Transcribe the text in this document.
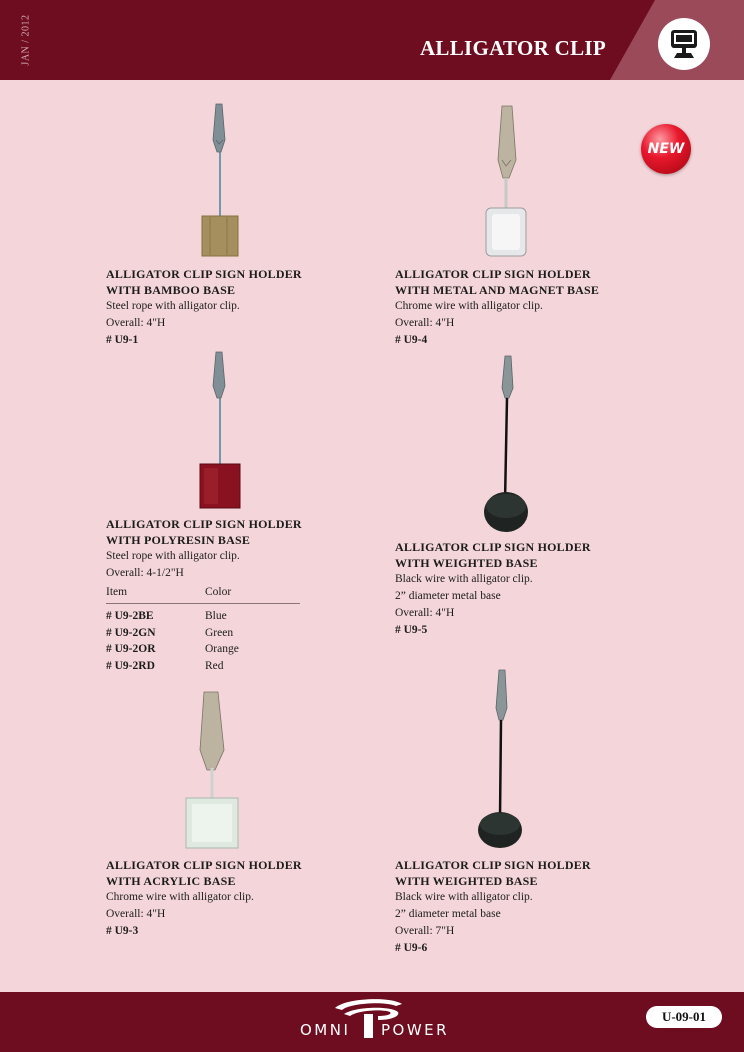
JAN / 2012	ALLIGATOR CLIP
NEW
ALLIGATOR CLIP SIGN HOLDER
WITH BAMBOO BASE
Steel rope with alligator clip.
Overall: 4"H
# U9-1
ALLIGATOR CLIP SIGN HOLDER
WITH METAL AND MAGNET BASE
Chrome wire with alligator clip.
Overall: 4"H
# U9-4
ALLIGATOR CLIP SIGN HOLDER
WITH POLYRESIN BASE
Steel rope with alligator clip.
Overall: 4-1/2"H
Item	Color
# U9-2BE	Blue
# U9-2GN	Green
# U9-2OR	Orange
# U9-2RD	Red
ALLIGATOR CLIP SIGN HOLDER
WITH WEIGHTED BASE
Black wire with alligator clip.
2” diameter metal base
Overall: 4"H
# U9-5
ALLIGATOR CLIP SIGN HOLDER
WITH ACRYLIC BASE
Chrome wire with alligator clip.
Overall: 4"H
# U9-3
ALLIGATOR CLIP SIGN HOLDER
WITH WEIGHTED BASE
Black wire with alligator clip.
2” diameter metal base
Overall: 7"H
# U9-6
OMNI POWER
U-09-01
